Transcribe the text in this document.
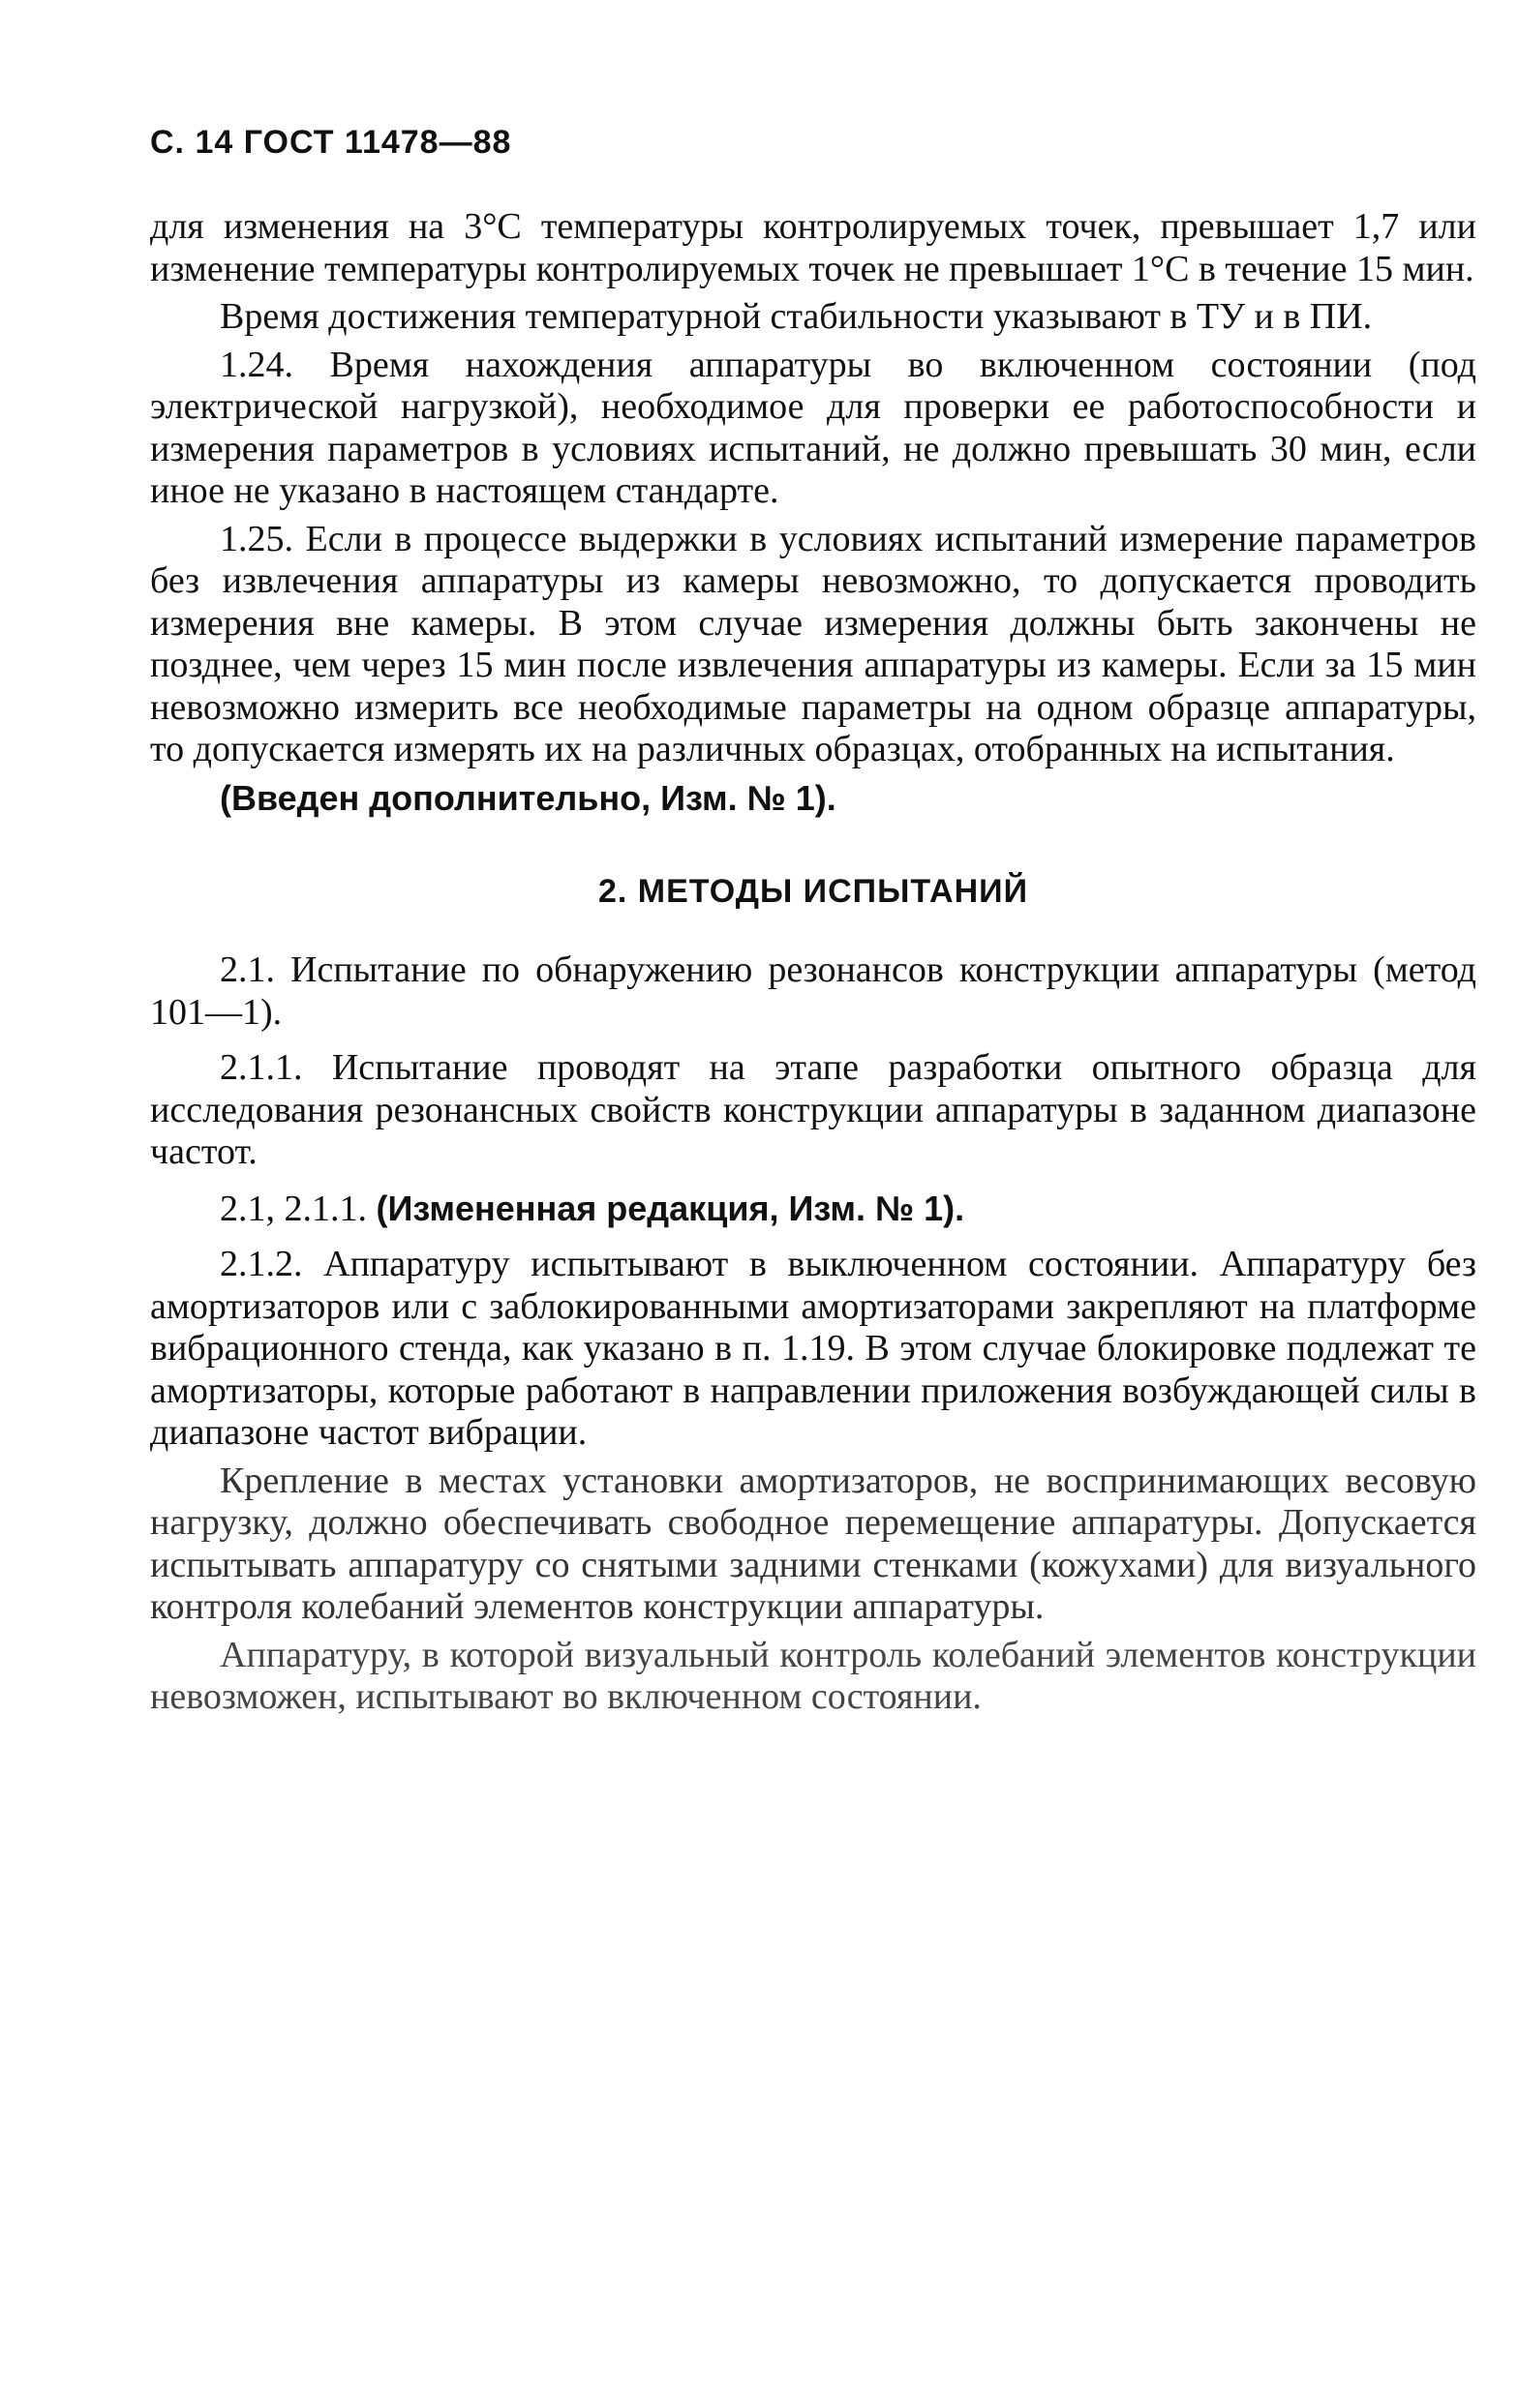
С. 14 ГОСТ 11478—88

для изменения на 3°С температуры контролируемых точек, превышает 1,7 или изменение температуры контролируемых точек не превышает 1°С в течение 15 мин.

Время достижения температурной стабильности указывают в ТУ и в ПИ.

1.24. Время нахождения аппаратуры во включенном состоянии (под электрической нагрузкой), необходимое для проверки ее работоспособности и измерения параметров в условиях испытаний, не должно превышать 30 мин, если иное не указано в настоящем стандарте.

1.25. Если в процессе выдержки в условиях испытаний измерение параметров без извлечения аппаратуры из камеры невозможно, то допускается проводить измерения вне камеры. В этом случае измерения должны быть закончены не позднее, чем через 15 мин после извлечения аппаратуры из камеры. Если за 15 мин невозможно измерить все необходимые параметры на одном образце аппаратуры, то допускается измерять их на различных образцах, отобранных на испытания.

(Введен дополнительно, Изм. № 1).

2. МЕТОДЫ ИСПЫТАНИЙ

2.1. Испытание по обнаружению резонансов конструкции аппаратуры (метод 101—1).

2.1.1. Испытание проводят на этапе разработки опытного образца для исследования резонансных свойств конструкции аппаратуры в заданном диапазоне частот.

2.1, 2.1.1. (Измененная редакция, Изм. № 1).

2.1.2. Аппаратуру испытывают в выключенном состоянии. Аппаратуру без амортизаторов или с заблокированными амортизаторами закрепляют на платформе вибрационного стенда, как указано в п. 1.19. В этом случае блокировке подлежат те амортизаторы, которые работают в направлении приложения возбуждающей силы в диапазоне частот вибрации.

Крепление в местах установки амортизаторов, не воспринимающих весовую нагрузку, должно обеспечивать свободное перемещение аппаратуры. Допускается испытывать аппаратуру со снятыми задними стенками (кожухами) для визуального контроля колебаний элементов конструкции аппаратуры.

Аппаратуру, в которой визуальный контроль колебаний элементов конструкции невозможен, испытывают во включенном состоянии.
